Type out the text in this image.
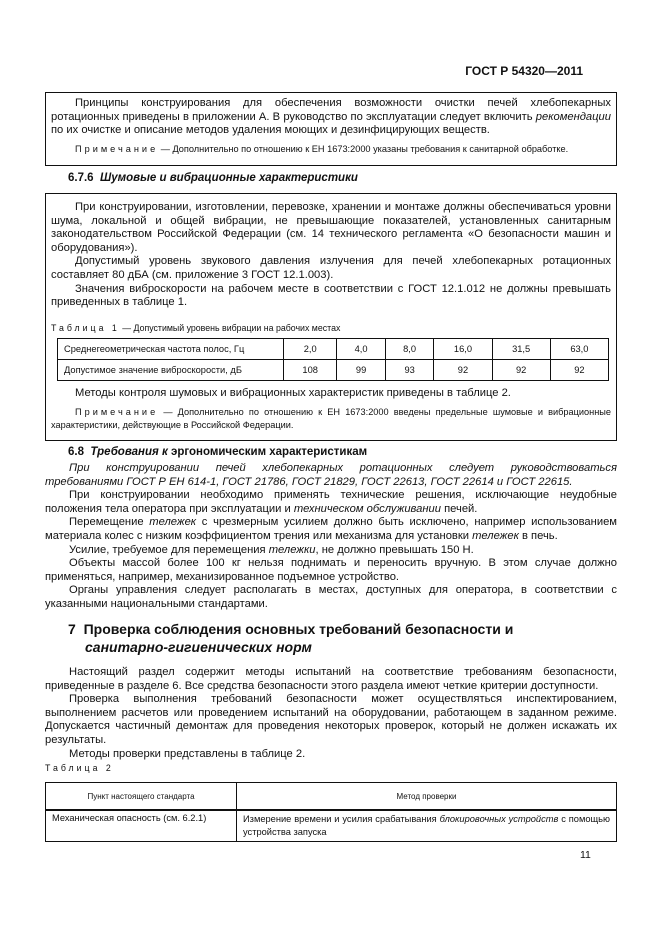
ГОСТ Р 54320—2011

Принципы конструирования для обеспечения возможности очистки печей хлебопекарных ротационных приведены в приложении А. В руководство по эксплуатации следует включить рекомендации по их очистке и описание методов удаления моющих и дезинфицирующих веществ.

Примечание — Дополнительно по отношению к ЕН 1673:2000 указаны требования к санитарной обработке.

6.7.6 Шумовые и вибрационные характеристики

При конструировании, изготовлении, перевозке, хранении и монтаже должны обеспечиваться уровни шума, локальной и общей вибрации, не превышающие показателей, установленных санитарным законодательством Российской Федерации (см. 14 технического регламента «О безопасности машин и оборудования»).

Допустимый уровень звукового давления излучения для печей хлебопекарных ротационных составляет 80 дБА (см. приложение 3 ГОСТ 12.1.003).

Значения виброскорости на рабочем месте в соответствии с ГОСТ 12.1.012 не должны превышать приведенных в таблице 1.

Таблица 1 — Допустимый уровень вибрации на рабочих местах
Среднегеометрическая частота полос, Гц	2,0	4,0	8,0	16,0	31,5	63,0
Допустимое значение виброскорости, дБ	108	99	93	92	92	92

Методы контроля шумовых и вибрационных характеристик приведены в таблице 2.

Примечание — Дополнительно по отношению к ЕН 1673:2000 введены предельные шумовые и вибрационные характеристики, действующие в Российской Федерации.

6.8 Требования к эргономическим характеристикам

При конструировании печей хлебопекарных ротационных следует руководствоваться требованиями ГОСТ Р ЕН 614-1, ГОСТ 21786, ГОСТ 21829, ГОСТ 22613, ГОСТ 22614 и ГОСТ 22615.

При конструировании необходимо применять технические решения, исключающие неудобные положения тела оператора при эксплуатации и техническом обслуживании печей.

Перемещение тележек с чрезмерным усилием должно быть исключено, например использованием материала колес с низким коэффициентом трения или механизма для установки тележек в печь.

Усилие, требуемое для перемещения тележки, не должно превышать 150 Н.

Объекты массой более 100 кг нельзя поднимать и переносить вручную. В этом случае должно применяться, например, механизированное подъемное устройство.

Органы управления следует располагать в местах, доступных для оператора, в соответствии с указанными национальными стандартами.

7 Проверка соблюдения основных требований безопасности и
санитарно-гигиенических норм

Настоящий раздел содержит методы испытаний на соответствие требованиям безопасности, приведенные в разделе 6. Все средства безопасности этого раздела имеют четкие критерии доступности.

Проверка выполнения требований безопасности может осуществляться инспектированием, выполнением расчетов или проведением испытаний на оборудовании, работающем в заданном режиме. Допускается частичный демонтаж для проведения некоторых проверок, который не должен искажать их результаты.

Методы проверки представлены в таблице 2.

Таблица 2
Пункт настоящего стандарта	Метод проверки
Механическая опасность (см. 6.2.1)	Измерение времени и усилия срабатывания блокировочных устройств с помощью устройства запуска
11
